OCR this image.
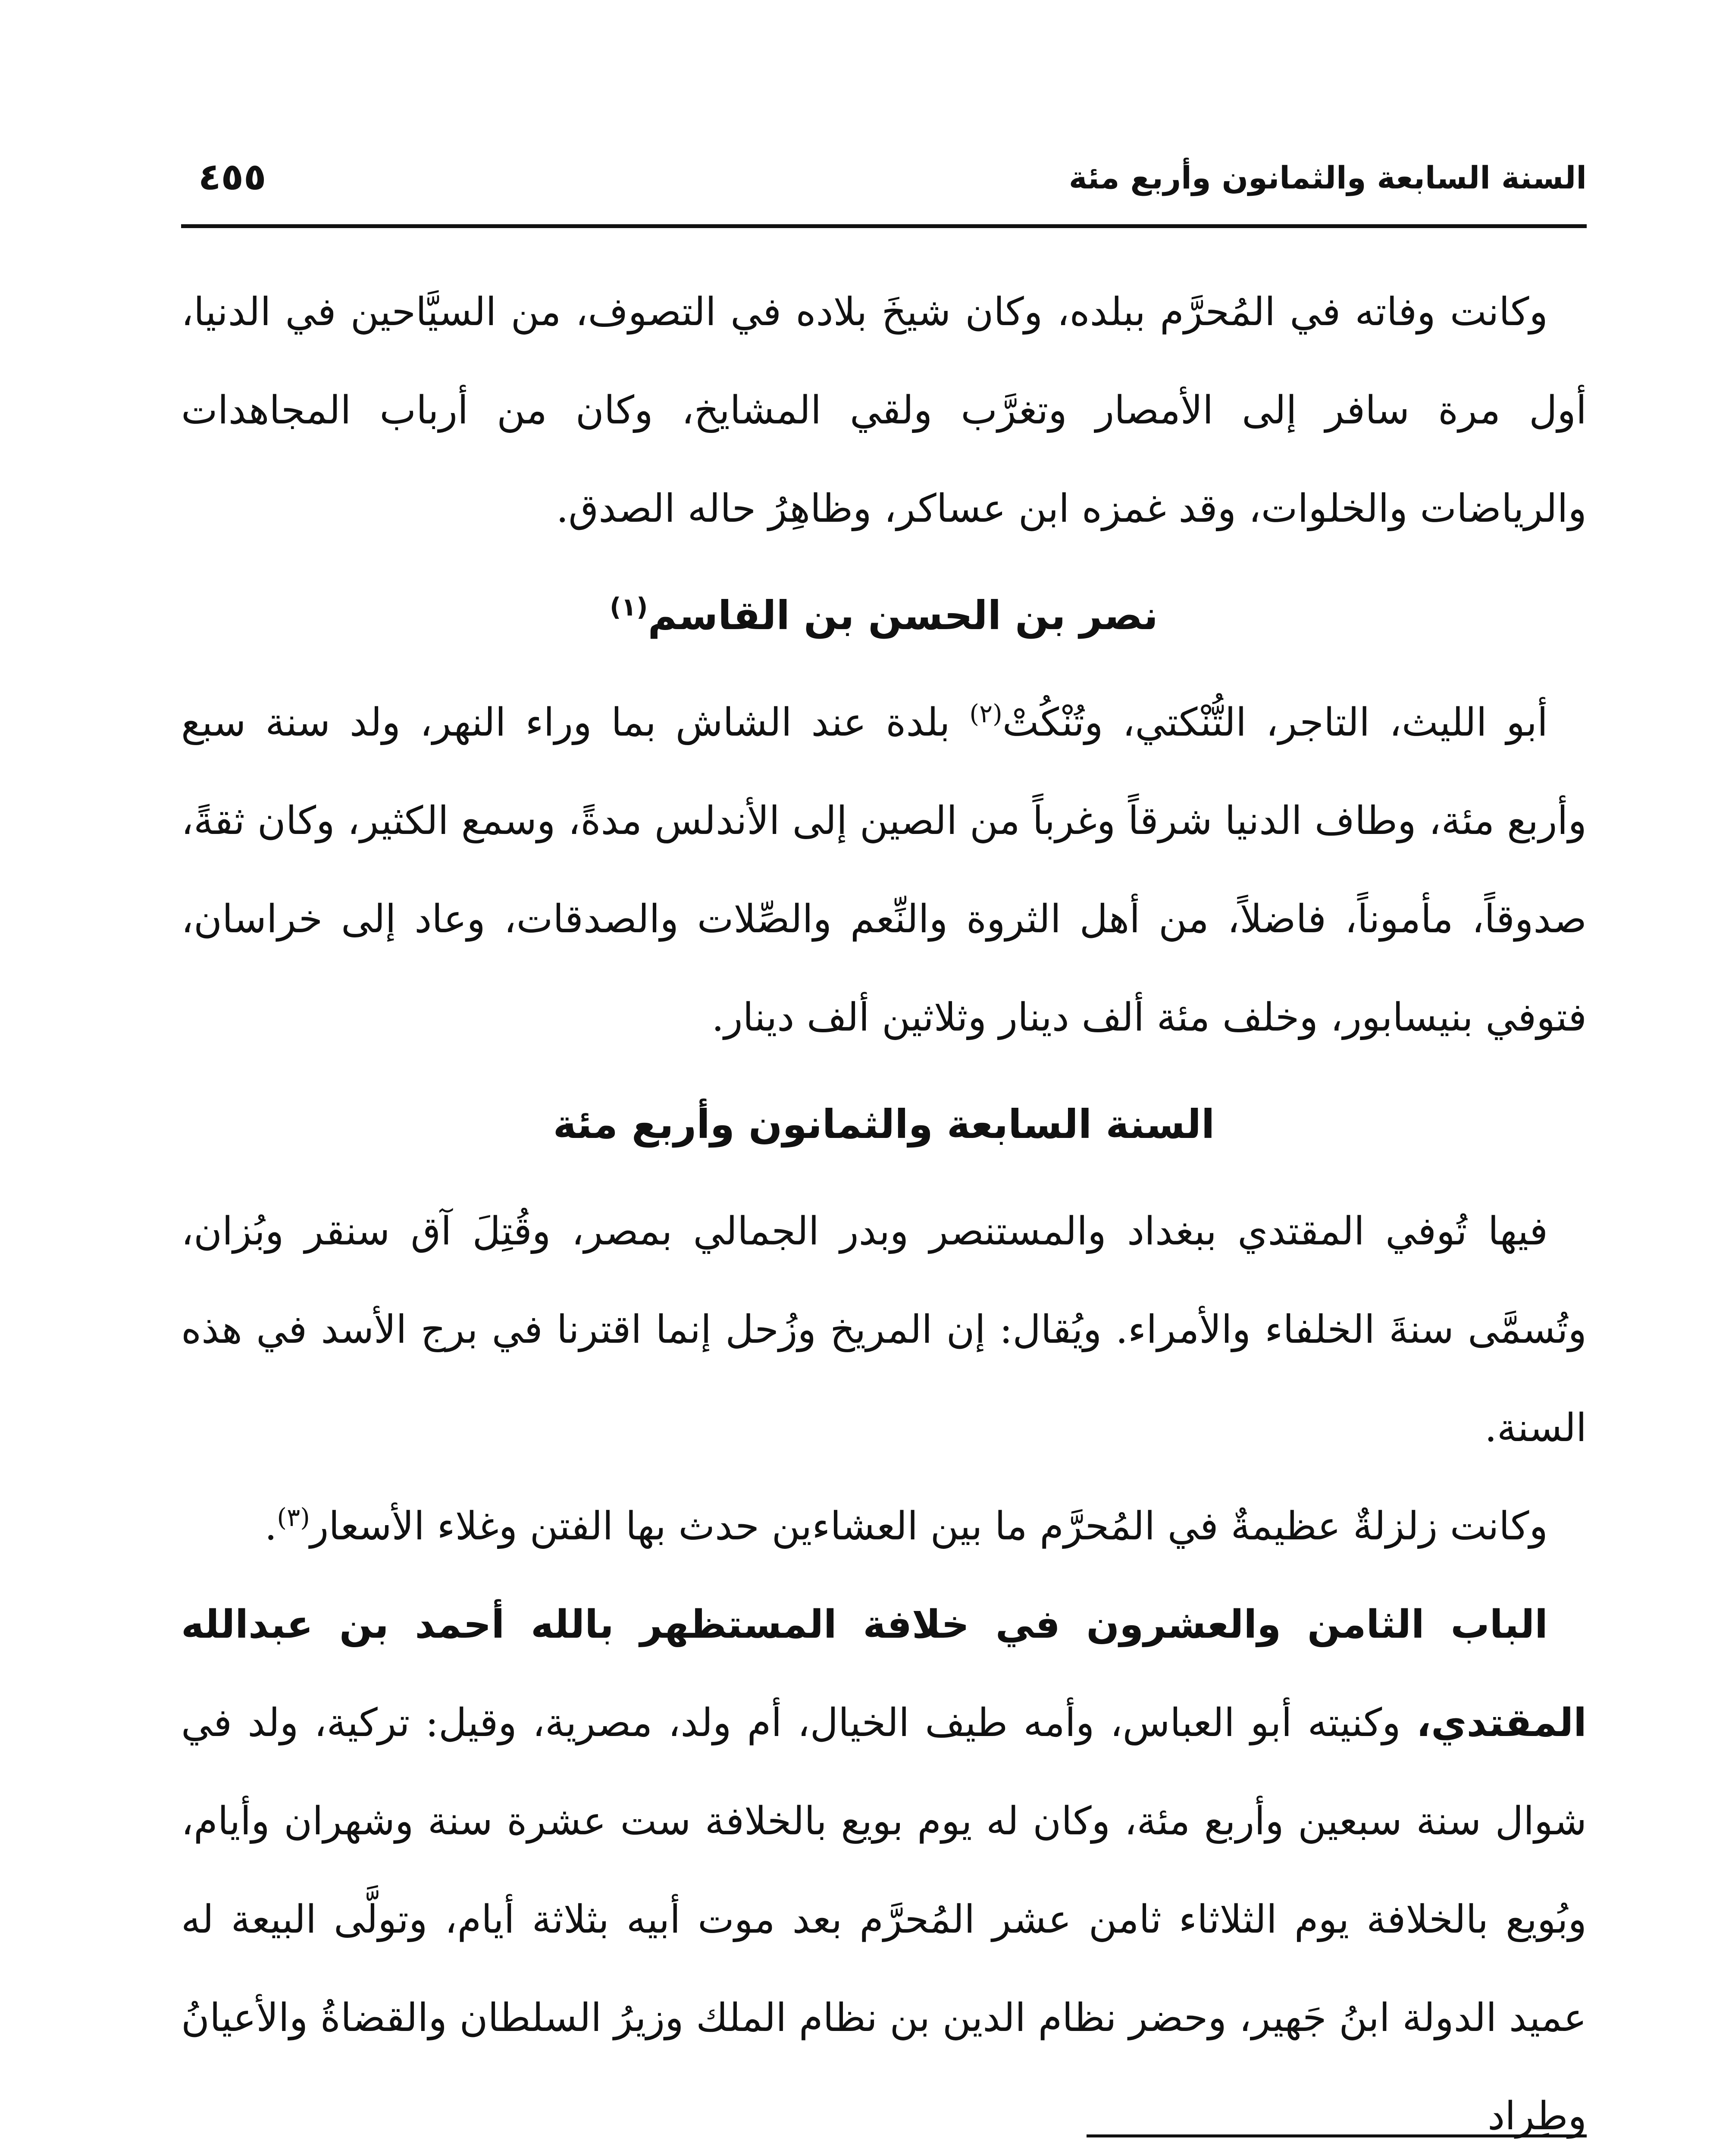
السنة السابعة والثمانون وأربع مئة
٤٥٥

وكانت وفاته في المُحرَّم ببلده، وكان شيخَ بلاده في التصوف، من السيَّاحين في الدنيا، أول مرة سافر إلى الأمصار وتغرَّب ولقي المشايخ، وكان من أرباب المجاهدات والرياضات والخلوات، وقد غمزه ابن عساكر، وظاهِرُ حاله الصدق.

نصر بن الحسن بن القاسم$^{(١)}$

أبو الليث، التاجر، التُّنْكتي، وتُنْكُتْ$^{(٢)}$ بلدة عند الشاش بما وراء النهر، ولد سنة سبع وأربع مئة، وطاف الدنيا شرقاً وغرباً من الصين إلى الأندلس مدةً، وسمع الكثير، وكان ثقةً، صدوقاً، مأموناً، فاضلاً، من أهل الثروة والنِّعم والصِّلات والصدقات، وعاد إلى خراسان، فتوفي بنيسابور، وخلف مئة ألف دينار وثلاثين ألف دينار.

السنة السابعة والثمانون وأربع مئة

فيها تُوفي المقتدي ببغداد والمستنصر وبدر الجمالي بمصر، وقُتِلَ آق سنقر وبُزان، وتُسمَّى سنةَ الخلفاء والأمراء. ويُقال: إن المريخ وزُحل إنما اقترنا في برج الأسد في هذه السنة.

وكانت زلزلةٌ عظيمةٌ في المُحرَّم ما بين العشاءين حدث بها الفتن وغلاء الأسعار$^{(٣)}$.

الباب الثامن والعشرون في خلافة المستظهر بالله أحمد بن عبدالله المقتدي، وكنيته أبو العباس، وأمه طيف الخيال، أم ولد، مصرية، وقيل: تركية، ولد في شوال سنة سبعين وأربع مئة، وكان له يوم بويع بالخلافة ست عشرة سنة وشهران وأيام، وبُويع بالخلافة يوم الثلاثاء ثامن عشر المُحرَّم بعد موت أبيه بثلاثة أيام، وتولَّى البيعة له عميد الدولة ابنُ جَهير، وحضر نظام الدين بن نظام الملك وزيرُ السلطان والقضاةُ والأعيانُ وطِراد
